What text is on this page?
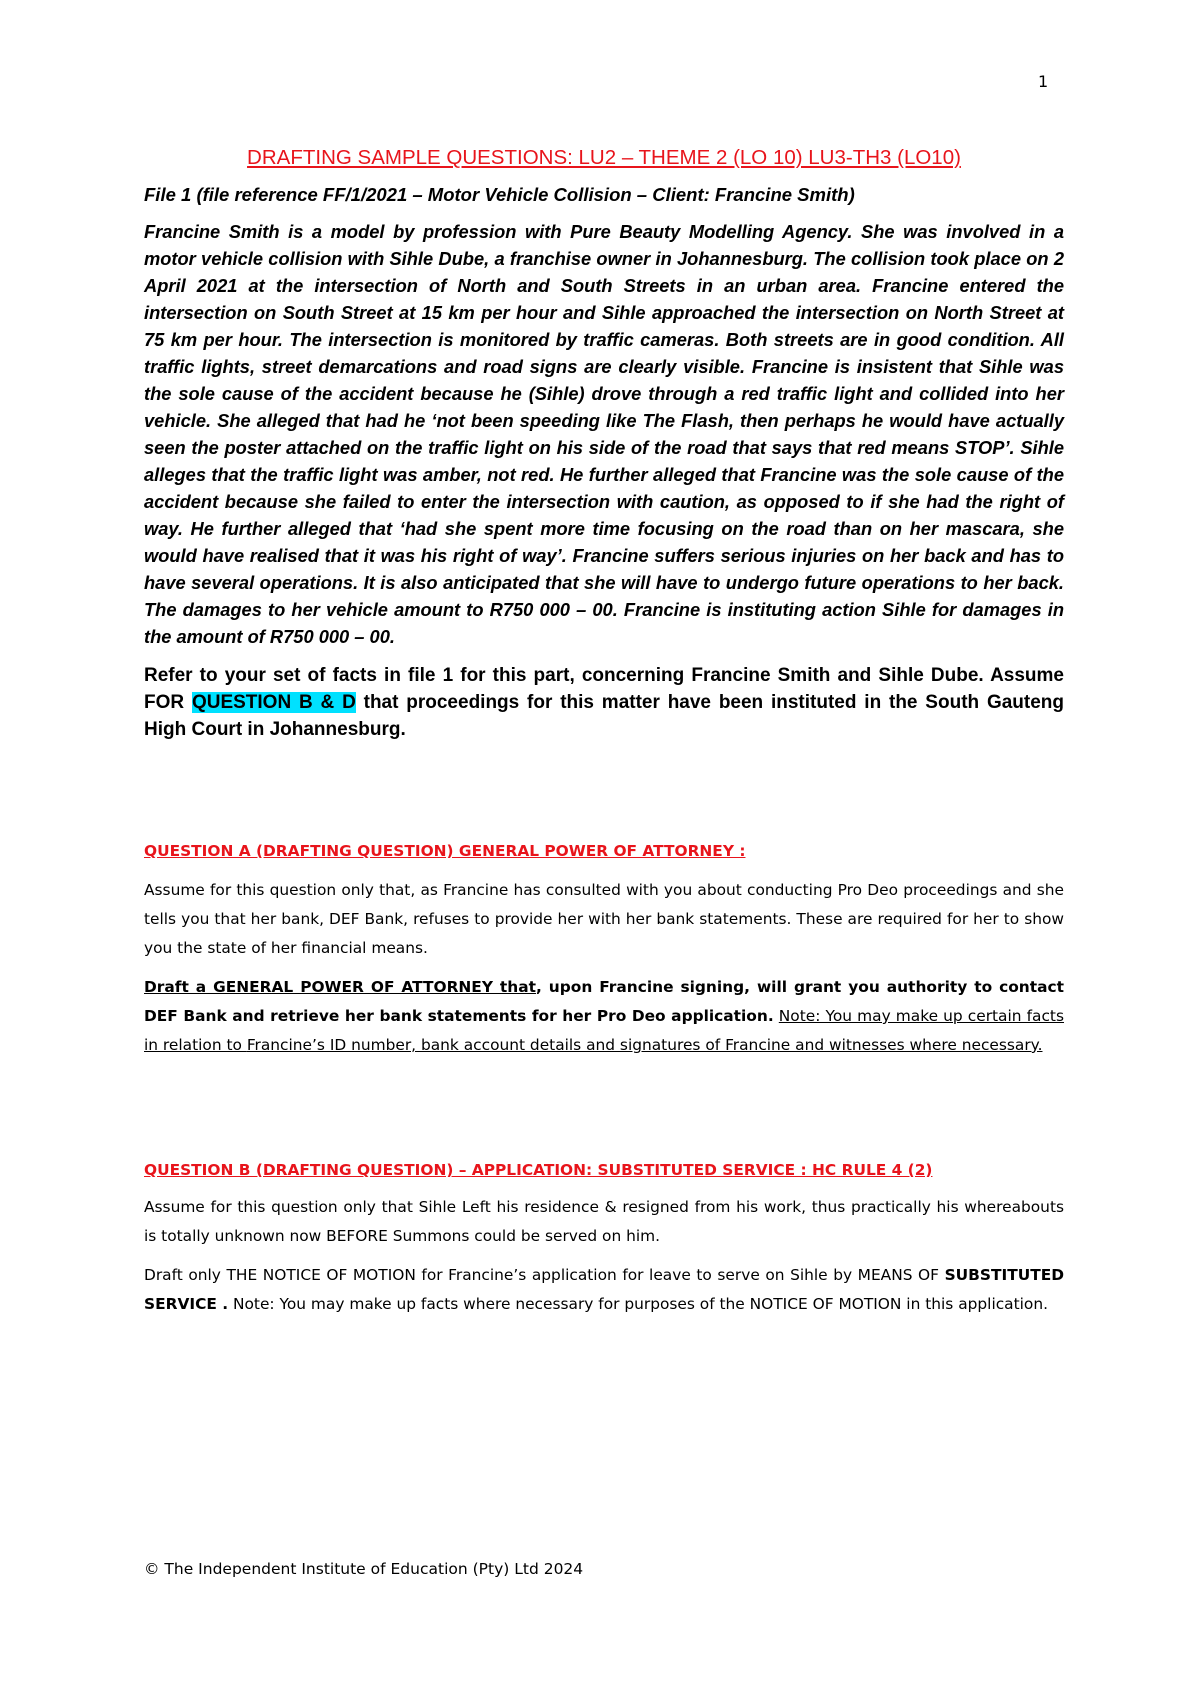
1

DRAFTING SAMPLE QUESTIONS: LU2 – THEME 2 (LO 10) LU3-TH3 (LO10)

File 1 (file reference FF/1/2021 – Motor Vehicle Collision – Client: Francine Smith)

Francine Smith is a model by profession with Pure Beauty Modelling Agency. She was involved in a motor vehicle collision with Sihle Dube, a franchise owner in Johannesburg. The collision took place on 2 April 2021 at the intersection of North and South Streets in an urban area. Francine entered the intersection on South Street at 15 km per hour and Sihle approached the intersection on North Street at 75 km per hour. The intersection is monitored by traffic cameras. Both streets are in good condition. All traffic lights, street demarcations and road signs are clearly visible. Francine is insistent that Sihle was the sole cause of the accident because he (Sihle) drove through a red traffic light and collided into her vehicle. She alleged that had he ‘not been speeding like The Flash, then perhaps he would have actually seen the poster attached on the traffic light on his side of the road that says that red means STOP’. Sihle alleges that the traffic light was amber, not red. He further alleged that Francine was the sole cause of the accident because she failed to enter the intersection with caution, as opposed to if she had the right of way. He further alleged that ‘had she spent more time focusing on the road than on her mascara, she would have realised that it was his right of way’. Francine suffers serious injuries on her back and has to have several operations. It is also anticipated that she will have to undergo future operations to her back. The damages to her vehicle amount to R750 000 – 00. Francine is instituting action Sihle for damages in the amount of R750 000 – 00.

Refer to your set of facts in file 1 for this part, concerning Francine Smith and Sihle Dube. Assume FOR QUESTION B & D that proceedings for this matter have been instituted in the South Gauteng High Court in Johannesburg.

QUESTION A (DRAFTING QUESTION) GENERAL POWER OF ATTORNEY :

Assume for this question only that, as Francine has consulted with you about conducting Pro Deo proceedings and she tells you that her bank, DEF Bank, refuses to provide her with her bank statements. These are required for her to show you the state of her financial means.

Draft a GENERAL POWER OF ATTORNEY that, upon Francine signing, will grant you authority to contact DEF Bank and retrieve her bank statements for her Pro Deo application. Note: You may make up certain facts in relation to Francine’s ID number, bank account details and signatures of Francine and witnesses where necessary.

QUESTION B (DRAFTING QUESTION) – APPLICATION: SUBSTITUTED SERVICE : HC RULE 4 (2)

Assume for this question only that Sihle Left his residence & resigned from his work, thus practically his whereabouts is totally unknown now BEFORE Summons could be served on him.

Draft only THE NOTICE OF MOTION for Francine’s application for leave to serve on Sihle by MEANS OF SUBSTITUTED SERVICE . Note: You may make up facts where necessary for purposes of the NOTICE OF MOTION in this application.

© The Independent Institute of Education (Pty) Ltd 2024
